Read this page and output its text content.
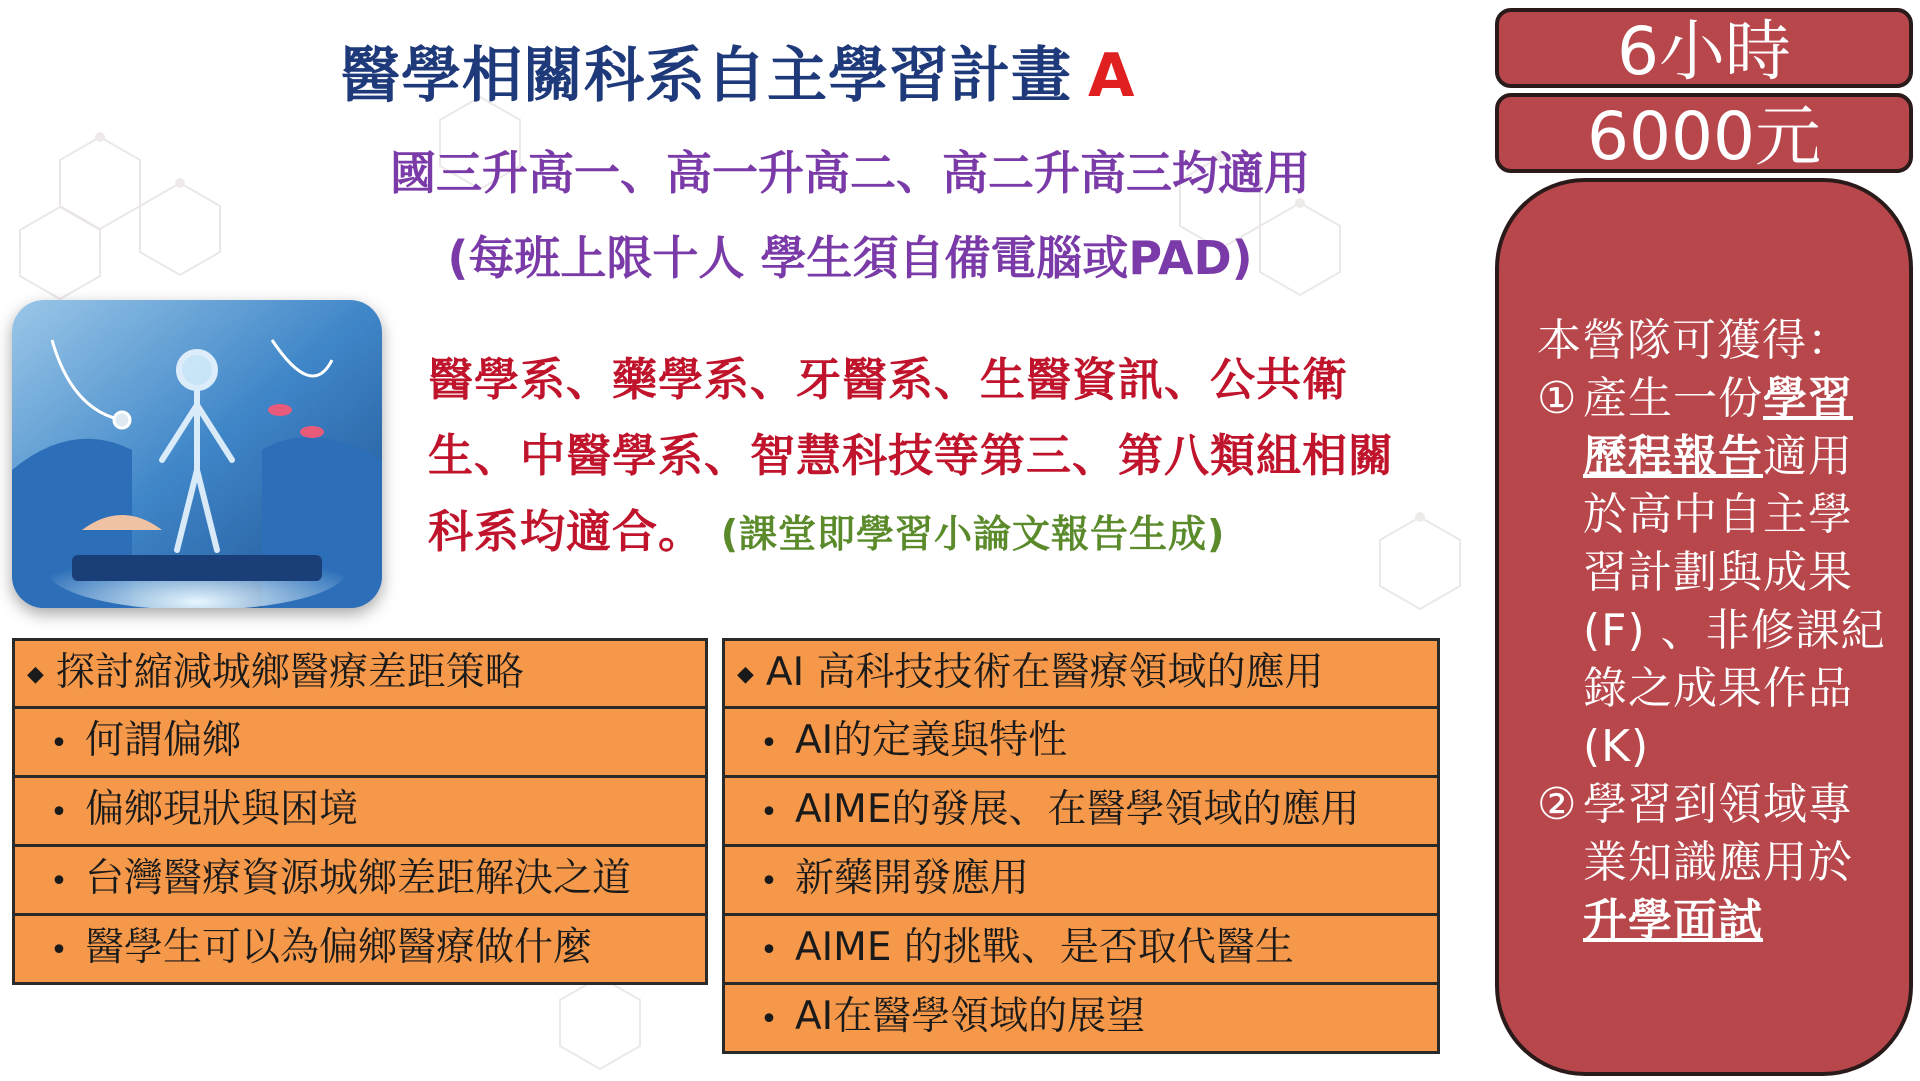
醫學相關科系自主學習計畫 A
國三升高一、高一升高二、高二升高三均適用
(每班上限十人 學生須自備電腦或PAD)
醫學系、藥學系、牙醫系、生醫資訊、公共衛生、中醫學系、智慧科技等第三、第八類組相關科系均適合。 (課堂即學習小論文報告生成)
◆ 探討縮減城鄉醫療差距策略
• 何謂偏鄉
• 偏鄉現狀與困境
• 台灣醫療資源城鄉差距解決之道
• 醫學生可以為偏鄉醫療做什麼
◆ AI 高科技技術在醫療領域的應用
• AI的定義與特性
• AIME的發展、在醫學領域的應用
• 新藥開發應用
• AIME 的挑戰、是否取代醫生
• AI在醫學領域的展望
6小時
6000元
本營隊可獲得：
① 產生一份學習歷程報告適用於高中自主學習計劃與成果(F) 、非修課紀錄之成果作品(K)
② 學習到領域專業知識應用於升學面試
